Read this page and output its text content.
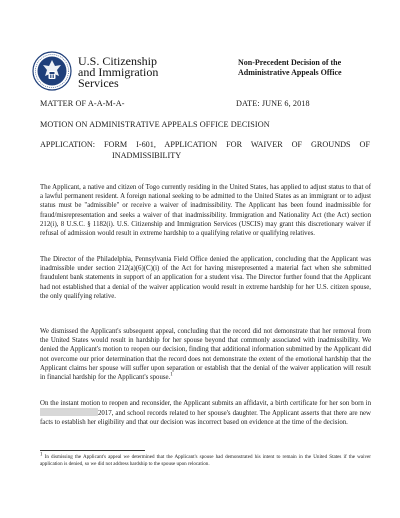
U.S. Citizenship
and Immigration
Services
Non-Precedent Decision of the
Administrative Appeals Office
MATTER OF A-A-M-A-	DATE: JUNE 6, 2018
MOTION ON ADMINISTRATIVE APPEALS OFFICE DECISION
APPLICATION: FORM I-601, APPLICATION FOR WAIVER OF GROUNDS OF
INADMISSIBILITY

The Applicant, a native and citizen of Togo currently residing in the United States, has applied to adjust status to that of a lawful permanent resident. A foreign national seeking to be admitted to the United States as an immigrant or to adjust status must be "admissible" or receive a waiver of inadmissibility. The Applicant has been found inadmissible for fraud/misrepresentation and seeks a waiver of that inadmissibility. Immigration and Nationality Act (the Act) section 212(i), 8 U.S.C. § 1182(i). U.S. Citizenship and Immigration Services (USCIS) may grant this discretionary waiver if refusal of admission would result in extreme hardship to a qualifying relative or qualifying relatives.

The Director of the Philadelphia, Pennsylvania Field Office denied the application, concluding that the Applicant was inadmissible under section 212(a)(6)(C)(i) of the Act for having misrepresented a material fact when she submitted fraudulent bank statements in support of an application for a student visa. The Director further found that the Applicant had not established that a denial of the waiver application would result in extreme hardship for her U.S. citizen spouse, the only qualifying relative.

We dismissed the Applicant's subsequent appeal, concluding that the record did not demonstrate that her removal from the United States would result in hardship for her spouse beyond that commonly associated with inadmissibility. We denied the Applicant's motion to reopen our decision, finding that additional information submitted by the Applicant did not overcome our prior determination that the record does not demonstrate the extent of the emotional hardship that the Applicant claims her spouse will suffer upon separation or establish that the denial of the waiver application will result in financial hardship for the Applicant's spouse.$^1$

On the instant motion to reopen and reconsider, the Applicant submits an affidavit, a birth certificate for her son born in 2017, and school records related to her spouse's daughter. The Applicant asserts that there are new facts to establish her eligibility and that our decision was incorrect based on evidence at the time of the decision.

$^1$ In dismissing the Applicant's appeal we determined that the Applicant's spouse had demonstrated his intent to remain in the United States if the waiver application is denied, so we did not address hardship to the spouse upon relocation.
